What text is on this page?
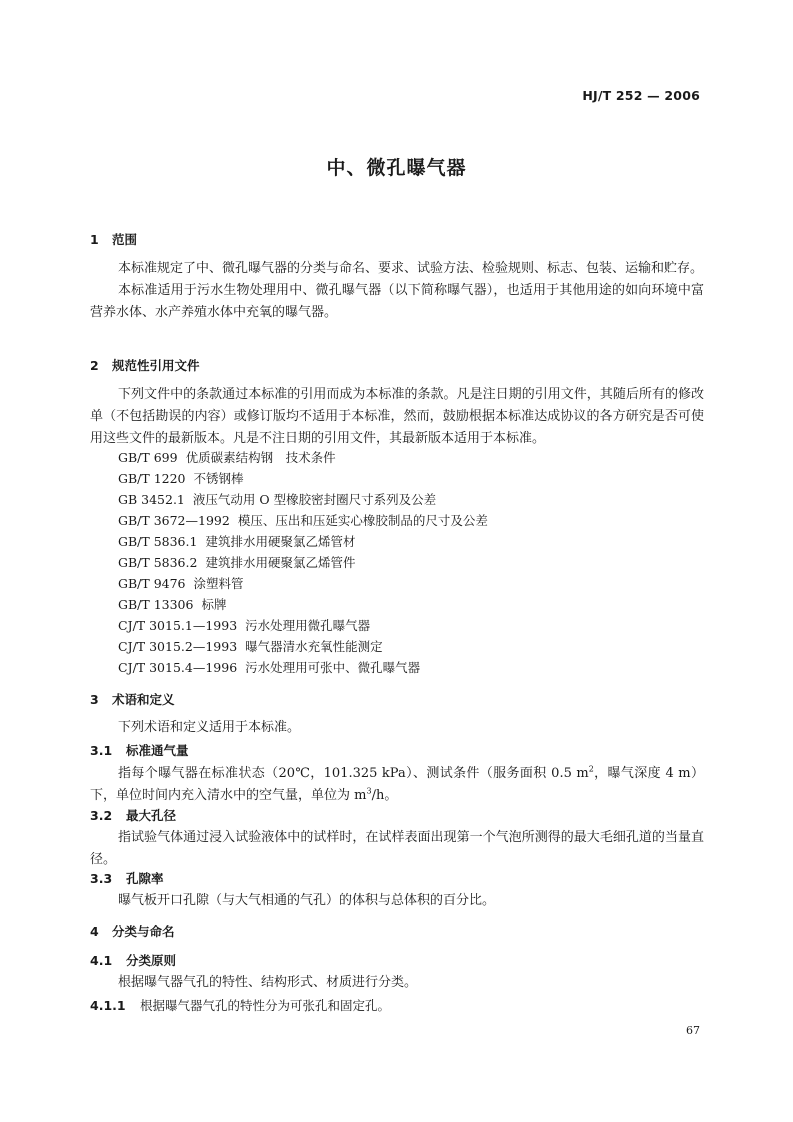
HJ/T 252 — 2006
中、微孔曝气器
1 范围

本标准规定了中、微孔曝气器的分类与命名、要求、试验方法、检验规则、标志、包装、运输和贮存。

本标准适用于污水生物处理用中、微孔曝气器（以下简称曝气器），也适用于其他用途的如向环境中富营养水体、水产养殖水体中充氧的曝气器。

2 规范性引用文件

下列文件中的条款通过本标准的引用而成为本标准的条款。凡是注日期的引用文件，其随后所有的修改单（不包括勘误的内容）或修订版均不适用于本标准，然而，鼓励根据本标准达成协议的各方研究是否可使用这些文件的最新版本。凡是不注日期的引用文件，其最新版本适用于本标准。

GB/T 699 优质碳素结构钢　技术条件
GB/T 1220 不锈钢棒
GB 3452.1 液压气动用 O 型橡胶密封圈尺寸系列及公差
GB/T 3672—1992 模压、压出和压延实心橡胶制品的尺寸及公差
GB/T 5836.1 建筑排水用硬聚氯乙烯管材
GB/T 5836.2 建筑排水用硬聚氯乙烯管件
GB/T 9476 涂塑料管
GB/T 13306 标牌
CJ/T 3015.1—1993 污水处理用微孔曝气器
CJ/T 3015.2—1993 曝气器清水充氧性能测定
CJ/T 3015.4—1996 污水处理用可张中、微孔曝气器
3 术语和定义

下列术语和定义适用于本标准。

3.1 标准通气量

指每个曝气器在标准状态（20℃，101.325 kPa）、测试条件（服务面积 0.5 $m^2$，曝气深度 4 m）下，单位时间内充入清水中的空气量，单位为 $m^3/h$。

3.2 最大孔径

指试验气体通过浸入试验液体中的试样时，在试样表面出现第一个气泡所测得的最大毛细孔道的当量直径。

3.3 孔隙率

曝气板开口孔隙（与大气相通的气孔）的体积与总体积的百分比。

4 分类与命名
4.1 分类原则

根据曝气器气孔的特性、结构形式、材质进行分类。

4.1.1 根据曝气器气孔的特性分为可张孔和固定孔。
67
